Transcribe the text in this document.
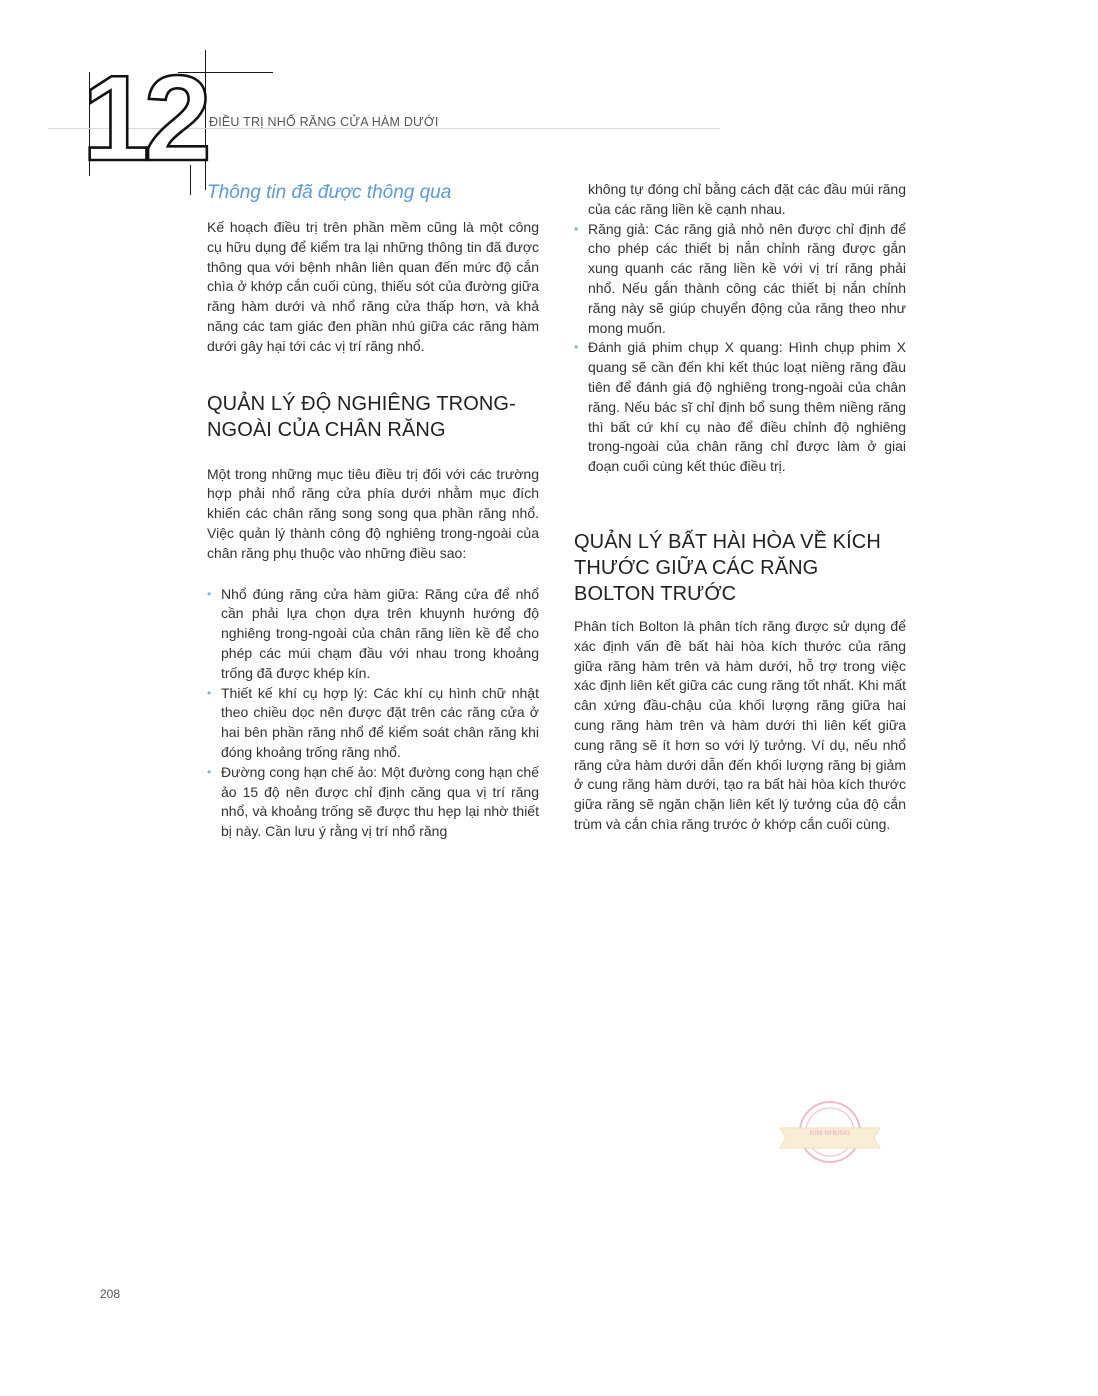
12 ĐIỀU TRỊ NHỔ RĂNG CỬA HÀM DƯỚI
Thông tin đã được thông qua

Kế hoạch điều trị trên phần mềm cũng là một công cụ hữu dụng để kiểm tra lại những thông tin đã được thông qua với bệnh nhân liên quan đến mức độ cắn chìa ở khớp cắn cuối cùng, thiếu sót của đường giữa răng hàm dưới và nhổ răng cửa thấp hơn, và khả năng các tam giác đen phần nhú giữa các răng hàm dưới gây hại tới các vị trí răng nhổ.

QUẢN LÝ ĐỘ NGHIÊNG TRONG-NGOÀI CỦA CHÂN RĂNG

Một trong những mục tiêu điều trị đối với các trường hợp phải nhổ răng cửa phía dưới nhằm mục đích khiến các chân răng song song qua phần răng nhổ. Việc quản lý thành công độ nghiêng trong-ngoài của chân răng phụ thuộc vào những điều sao:

• Nhổ đúng răng cửa hàm giữa: Răng cửa để nhổ cần phải lựa chọn dựa trên khuynh hướng độ nghiêng trong-ngoài của chân răng liền kề để cho phép các múi chạm đầu với nhau trong khoảng trống đã được khép kín.
• Thiết kế khí cụ hợp lý: Các khí cụ hình chữ nhật theo chiều dọc nên được đặt trên các răng cửa ở hai bên phần răng nhổ để kiểm soát chân răng khi đóng khoảng trống răng nhổ.
• Đường cong hạn chế ảo: Một đường cong hạn chế ảo 15 độ nên được chỉ định căng qua vị trí răng nhổ, và khoảng trống sẽ được thu hẹp lại nhờ thiết bị này. Cần lưu ý rằng vị trí nhổ răng
không tự đóng chỉ bằng cách đặt các đầu múi răng của các răng liền kề cạnh nhau.
• Răng giả: Các răng giả nhỏ nên được chỉ định để cho phép các thiết bị nắn chỉnh răng được gắn xung quanh các răng liền kề với vị trí răng phải nhổ. Nếu gắn thành công các thiết bị nắn chỉnh răng này sẽ giúp chuyển động của răng theo như mong muốn.
• Đánh giá phim chụp X quang: Hình chụp phim X quang sẽ cần đến khi kết thúc loạt niềng răng đầu tiên để đánh giá độ nghiêng trong-ngoài của chân răng. Nếu bác sĩ chỉ định bổ sung thêm niềng răng thì bất cứ khí cụ nào để điều chỉnh độ nghiêng trong-ngoài của chân răng chỉ được làm ở giai đoạn cuối cùng kết thúc điều trị.
QUẢN LÝ BẤT HÀI HÒA VỀ KÍCH THƯỚC GIỮA CÁC RĂNG BOLTON TRƯỚC

Phân tích Bolton là phân tích răng được sử dụng để xác định vấn đề bất hài hòa kích thước của răng giữa răng hàm trên và hàm dưới, hỗ trợ trong việc xác định liên kết giữa các cung răng tốt nhất. Khi mất cân xứng đầu-chậu của khối lượng răng giữa hai cung răng hàm trên và hàm dưới thì liên kết giữa cung răng sẽ ít hơn so với lý tưởng. Ví dụ, nếu nhổ răng cửa hàm dưới dẫn đến khối lượng răng bị giảm ở cung răng hàm dưới, tạo ra bất hài hòa kích thước giữa răng sẽ ngăn chặn liên kết lý tưởng của độ cắn trùm và cắn chìa răng trước ở khớp cắn cuối cùng.

208
KIM NHUNG
